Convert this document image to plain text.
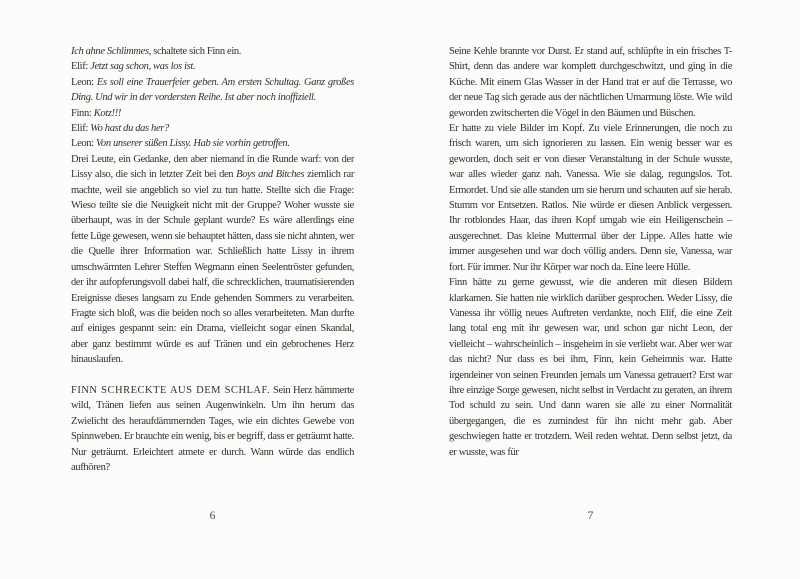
Ich ahne Schlimmes, schaltete sich Finn ein.

Elif: Jetzt sag schon, was los ist.

Leon: Es soll eine Trauerfeier geben. Am ersten Schultag. Ganz großes Ding. Und wir in der vordersten Reihe. Ist aber noch inoffiziell.

Finn: Kotz!!!

Elif: Wo hast du das her?

Leon: Von unserer süßen Lissy. Hab sie vorhin getroffen.

Drei Leute, ein Gedanke, den aber niemand in die Runde warf: von der Lissy also, die sich in letzter Zeit bei den Boys and Bitches ziemlich rar machte, weil sie angeblich so viel zu tun hatte. Stellte sich die Frage: Wieso teilte sie die Neuigkeit nicht mit der Gruppe? Woher wusste sie überhaupt, was in der Schule geplant wurde? Es wäre allerdings eine fette Lüge gewesen, wenn sie behauptet hätten, dass sie nicht ahnten, wer die Quelle ihrer Information war. Schließlich hatte Lissy in ihrem umschwärmten Lehrer Steffen Wegmann einen Seelentröster gefunden, der ihr aufopferungsvoll dabei half, die schrecklichen, traumatisierenden Ereignisse dieses langsam zu Ende gehenden Sommers zu verarbeiten. Fragte sich bloß, was die beiden noch so alles verarbeiteten. Man durfte auf einiges gespannt sein: ein Drama, vielleicht sogar einen Skandal, aber ganz bestimmt würde es auf Tränen und ein gebrochenes Herz hinauslaufen.

FINN SCHRECKTE AUS DEM SCHLAF. Sein Herz hämmerte wild, Tränen liefen aus seinen Augenwinkeln. Um ihn herum das Zwielicht des heraufdämmernden Tages, wie ein dichtes Gewebe von Spinnweben. Er brauchte ein wenig, bis er begriff, dass er geträumt hatte. Nur geträumt. Erleichtert atmete er durch. Wann würde das endlich aufhören?

6

Seine Kehle brannte vor Durst. Er stand auf, schlüpfte in ein frisches T-Shirt, denn das andere war komplett durchgeschwitzt, und ging in die Küche. Mit einem Glas Wasser in der Hand trat er auf die Terrasse, wo der neue Tag sich gerade aus der nächtlichen Umarmung löste. Wie wild geworden zwitscherten die Vögel in den Bäumen und Büschen.

Er hatte zu viele Bilder im Kopf. Zu viele Erinnerungen, die noch zu frisch waren, um sich ignorieren zu lassen. Ein wenig besser war es geworden, doch seit er von dieser Veranstaltung in der Schule wusste, war alles wieder ganz nah. Vanessa. Wie sie dalag, regungslos. Tot. Ermordet. Und sie alle standen um sie herum und schauten auf sie herab. Stumm vor Entsetzen. Ratlos. Nie würde er diesen Anblick vergessen. Ihr rotblondes Haar, das ihren Kopf umgab wie ein Heiligenschein – ausgerechnet. Das kleine Muttermal über der Lippe. Alles hatte wie immer ausgesehen und war doch völlig anders. Denn sie, Vanessa, war fort. Für immer. Nur ihr Körper war noch da. Eine leere Hülle.

Finn hätte zu gerne gewusst, wie die anderen mit diesen Bildern klarkamen. Sie hatten nie wirklich darüber gesprochen. Weder Lissy, die Vanessa ihr völlig neues Auftreten verdankte, noch Elif, die eine Zeit lang total eng mit ihr gewesen war, und schon gar nicht Leon, der vielleicht – wahrscheinlich – insgeheim in sie verliebt war. Aber wer war das nicht? Nur dass es bei ihm, Finn, kein Geheimnis war. Hatte irgendeiner von seinen Freunden jemals um Vanessa getrauert? Erst war ihre einzige Sorge gewesen, nicht selbst in Verdacht zu geraten, an ihrem Tod schuld zu sein. Und dann waren sie alle zu einer Normalität übergegangen, die es zumindest für ihn nicht mehr gab. Aber geschwiegen hatte er trotzdem. Weil reden wehtat. Denn selbst jetzt, da er wusste, was für

7
